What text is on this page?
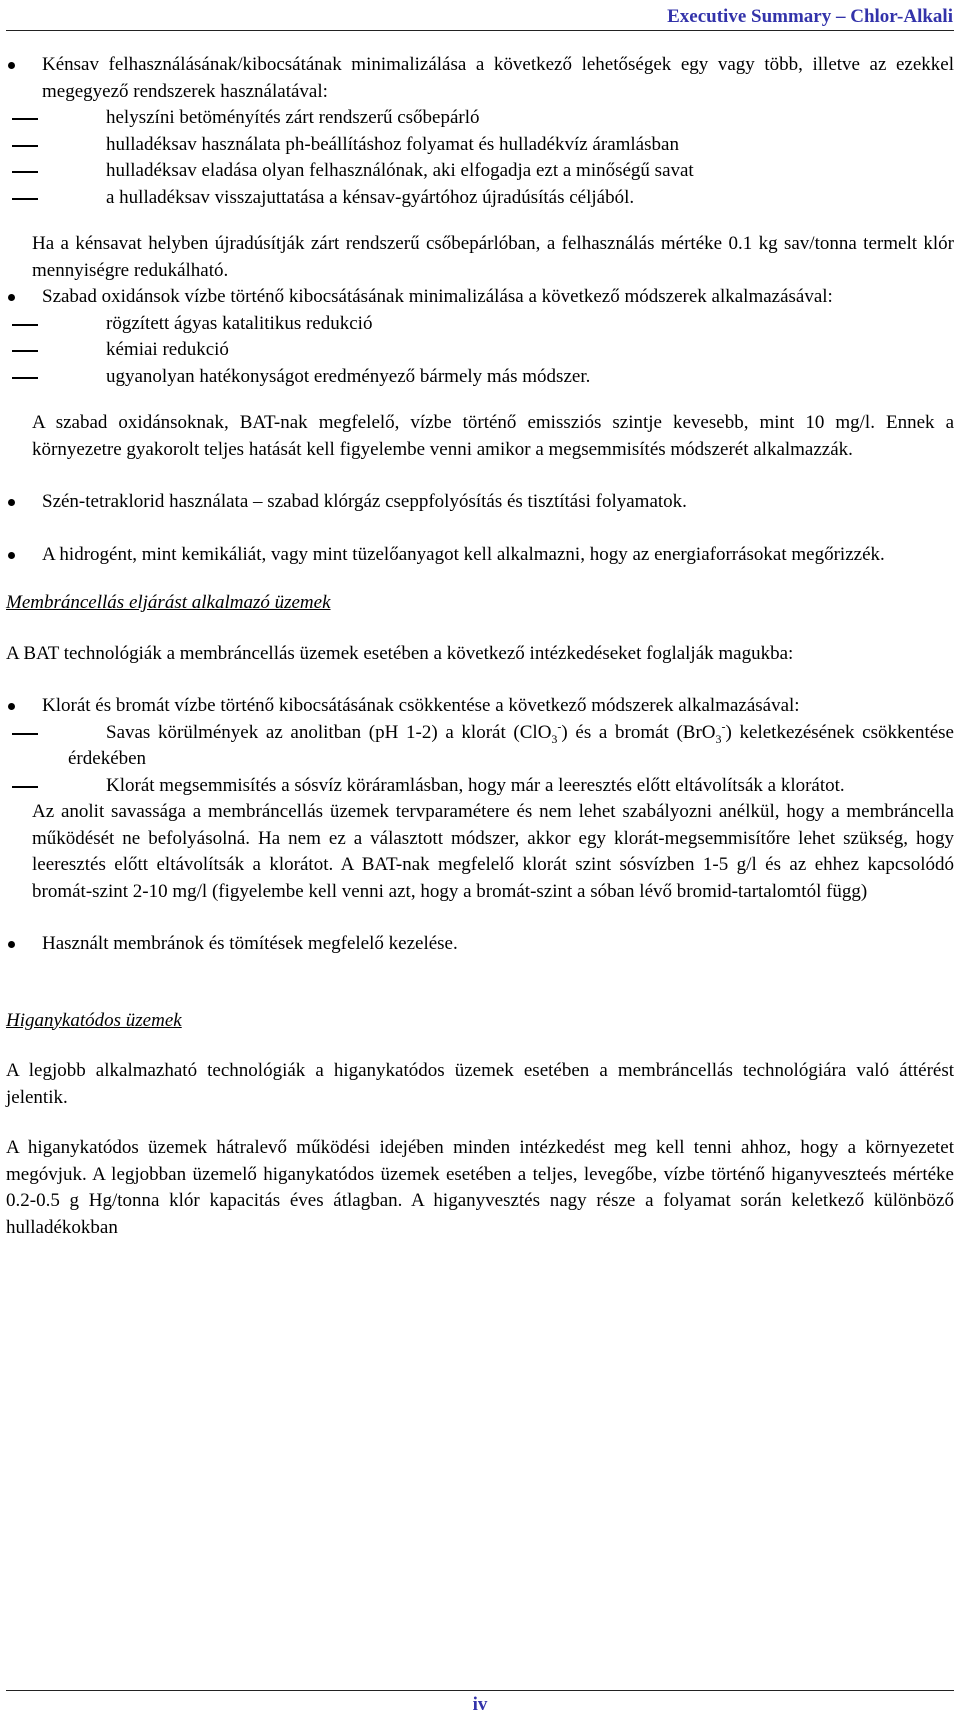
Executive Summary – Chlor-Alkali
Kénsav felhasználásának/kibocsátának minimalizálása a következő lehetőségek egy vagy több, illetve az ezekkel megegyező rendszerek használatával:
helyszíni betöményítés zárt rendszerű csőbepárló
hulladéksav használata ph-beállításhoz folyamat és hulladékvíz áramlásban
hulladéksav eladása olyan felhasználónak, aki elfogadja ezt a minőségű savat
a hulladéksav visszajuttatása a kénsav-gyártóhoz újradúsítás céljából.

Ha a kénsavat helyben újradúsítják zárt rendszerű csőbepárlóban, a felhasználás mértéke 0.1 kg sav/tonna termelt klór mennyiségre redukálható.

Szabad oxidánsok vízbe történő kibocsátásának minimalizálása a következő módszerek alkalmazásával:
rögzített ágyas katalitikus redukció
kémiai redukció
ugyanolyan hatékonyságot eredményező bármely más módszer.

A szabad oxidánsoknak, BAT-nak megfelelő, vízbe történő emissziós szintje kevesebb, mint 10 mg/l. Ennek a környezetre gyakorolt teljes hatását kell figyelembe venni amikor a megsemmisítés módszerét alkalmazzák.

Szén-tetraklorid használata – szabad klórgáz cseppfolyósítás és tisztítási folyamatok.
A hidrogént, mint kemikáliát, vagy mint tüzelőanyagot kell alkalmazni, hogy az energiaforrásokat megőrizzék.

Membráncellás eljárást alkalmazó üzemek

A BAT technológiák a membráncellás üzemek esetében a következő intézkedéseket foglalják magukba:

Klorát és bromát vízbe történő kibocsátásának csökkentése a következő módszerek alkalmazásával:
Savas körülmények az anolitban (pH 1-2) a klorát (ClO$_3$-) és a bromát (BrO$_3$-) keletkezésének csökkentése érdekében
Klorát megsemmisítés a sósvíz köráramlásban, hogy már a leeresztés előtt eltávolítsák a klorátot.

Az anolit savassága a membráncellás üzemek tervparamétere és nem lehet szabályozni anélkül, hogy a membráncella működését ne befolyásolná. Ha nem ez a választott módszer, akkor egy klorát-megsemmisítőre lehet szükség, hogy leeresztés előtt eltávolítsák a klorátot. A BAT-nak megfelelő klorát szint sósvízben 1-5 g/l és az ehhez kapcsolódó bromát-szint 2-10 mg/l (figyelembe kell venni azt, hogy a bromát-szint a sóban lévő bromid-tartalomtól függ)

Használt membránok és tömítések megfelelő kezelése.

Higanykatódos üzemek

A legjobb alkalmazható technológiák a higanykatódos üzemek esetében a membráncellás technológiára való áttérést jelentik.

A higanykatódos üzemek hátralevő működési idejében minden intézkedést meg kell tenni ahhoz, hogy a környezetet megóvjuk. A legjobban üzemelő higanykatódos üzemek esetében a teljes, levegőbe, vízbe történő higanyveszteés mértéke 0.2-0.5 g Hg/tonna klór kapacitás éves átlagban. A higanyvesztés nagy része a folyamat során keletkező különböző hulladékokban

iv
